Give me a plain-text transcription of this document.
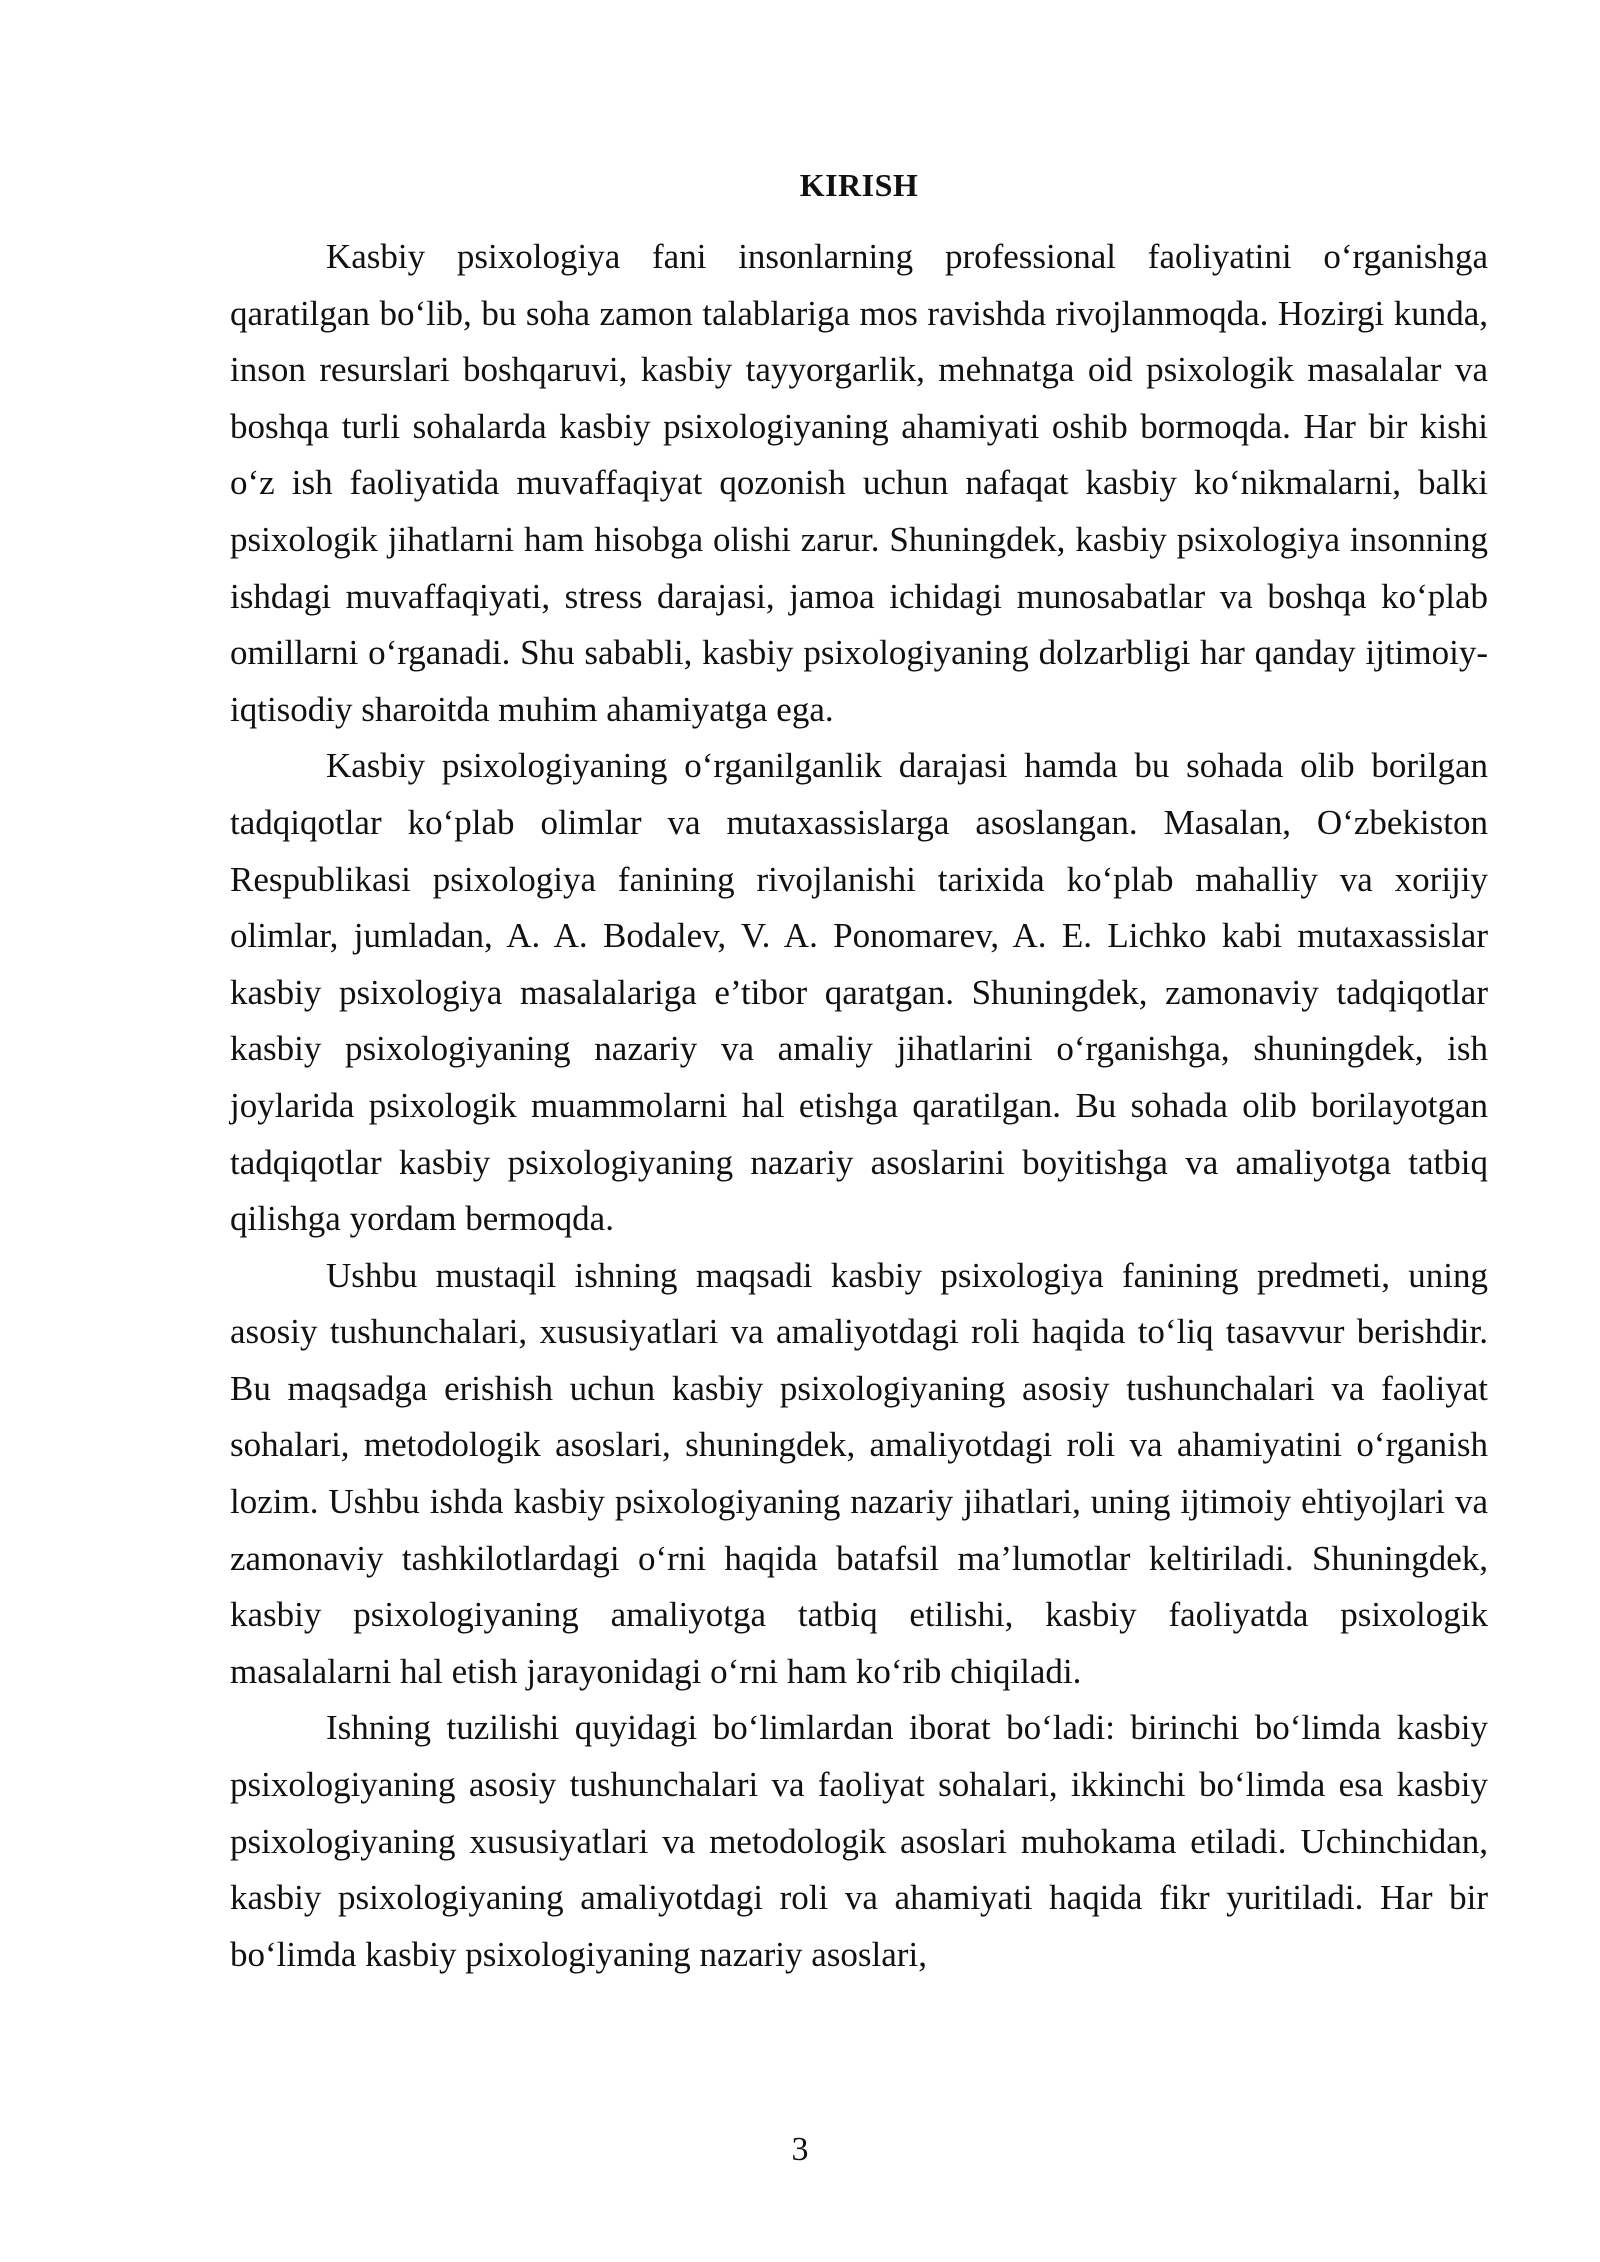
KIRISH

Kasbiy psixologiya fani insonlarning professional faoliyatini o‘rganishga qaratilgan bo‘lib, bu soha zamon talablariga mos ravishda rivojlanmoqda. Hozirgi kunda, inson resurslari boshqaruvi, kasbiy tayyorgarlik, mehnatga oid psixologik masalalar va boshqa turli sohalarda kasbiy psixologiyaning ahamiyati oshib bormoqda. Har bir kishi o‘z ish faoliyatida muvaffaqiyat qozonish uchun nafaqat kasbiy ko‘nikmalarni, balki psixologik jihatlarni ham hisobga olishi zarur. Shuningdek, kasbiy psixologiya insonning ishdagi muvaffaqiyati, stress darajasi, jamoa ichidagi munosabatlar va boshqa ko‘plab omillarni o‘rganadi. Shu sababli, kasbiy psixologiyaning dolzarbligi har qanday ijtimoiy-iqtisodiy sharoitda muhim ahamiyatga ega.

Kasbiy psixologiyaning o‘rganilganlik darajasi hamda bu sohada olib borilgan tadqiqotlar ko‘plab olimlar va mutaxassislarga asoslangan. Masalan, O‘zbekiston Respublikasi psixologiya fanining rivojlanishi tarixida ko‘plab mahalliy va xorijiy olimlar, jumladan, A. A. Bodalev, V. A. Ponomarev, A. E. Lichko kabi mutaxassislar kasbiy psixologiya masalalariga e’tibor qaratgan. Shuningdek, zamonaviy tadqiqotlar kasbiy psixologiyaning nazariy va amaliy jihatlarini o‘rganishga, shuningdek, ish joylarida psixologik muammolarni hal etishga qaratilgan. Bu sohada olib borilayotgan tadqiqotlar kasbiy psixologiyaning nazariy asoslarini boyitishga va amaliyotga tatbiq qilishga yordam bermoqda.

Ushbu mustaqil ishning maqsadi kasbiy psixologiya fanining predmeti, uning asosiy tushunchalari, xususiyatlari va amaliyotdagi roli haqida to‘liq tasavvur berishdir. Bu maqsadga erishish uchun kasbiy psixologiyaning asosiy tushunchalari va faoliyat sohalari, metodologik asoslari, shuningdek, amaliyotdagi roli va ahamiyatini o‘rganish lozim. Ushbu ishda kasbiy psixologiyaning nazariy jihatlari, uning ijtimoiy ehtiyojlari va zamonaviy tashkilotlardagi o‘rni haqida batafsil ma’lumotlar keltiriladi. Shuningdek, kasbiy psixologiyaning amaliyotga tatbiq etilishi, kasbiy faoliyatda psixologik masalalarni hal etish jarayonidagi o‘rni ham ko‘rib chiqiladi.

Ishning tuzilishi quyidagi bo‘limlardan iborat bo‘ladi: birinchi bo‘limda kasbiy psixologiyaning asosiy tushunchalari va faoliyat sohalari, ikkinchi bo‘limda esa kasbiy psixologiyaning xususiyatlari va metodologik asoslari muhokama etiladi. Uchinchidan, kasbiy psixologiyaning amaliyotdagi roli va ahamiyati haqida fikr yuritiladi. Har bir bo‘limda kasbiy psixologiyaning nazariy asoslari,

3
